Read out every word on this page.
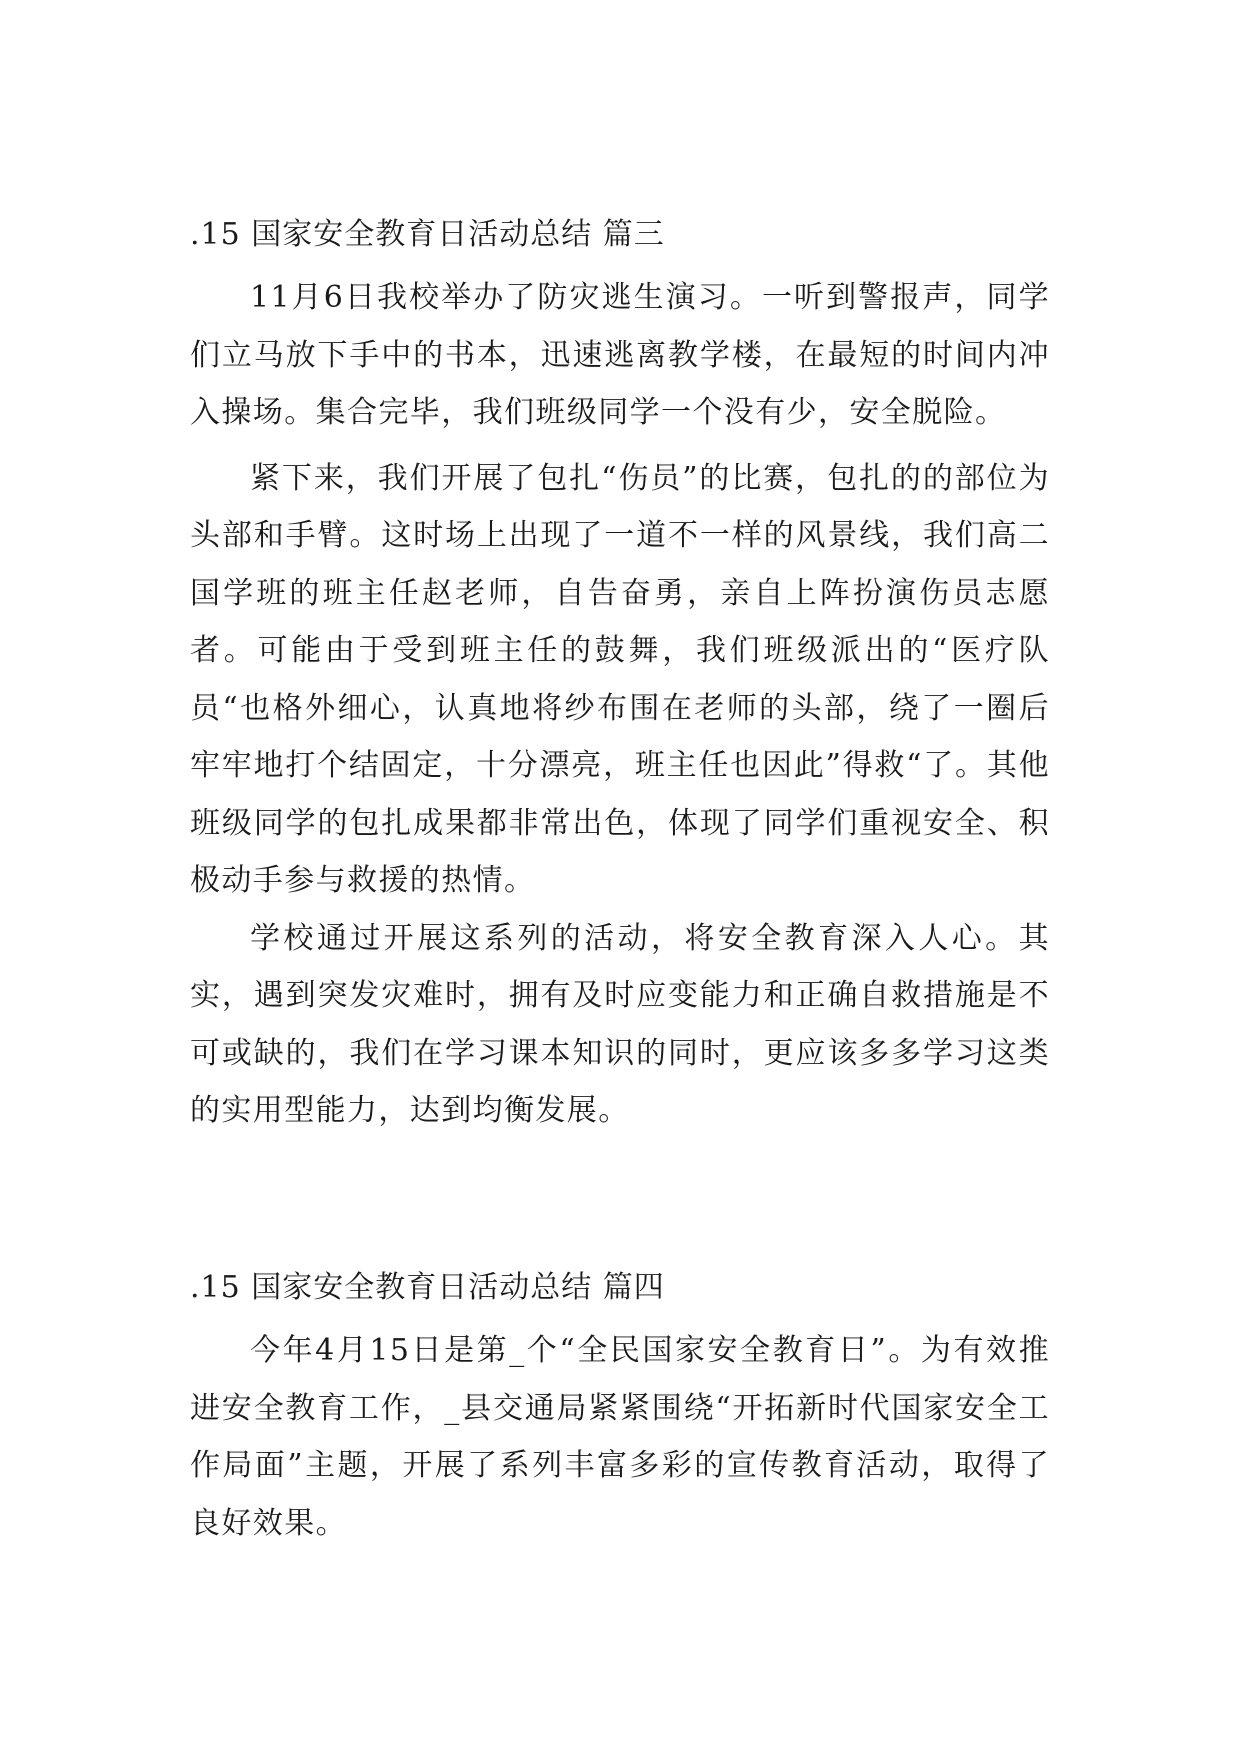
.15 国家安全教育日活动总结 篇三

11月6日我校举办了防灾逃生演习。一听到警报声，同学们立马放下手中的书本，迅速逃离教学楼，在最短的时间内冲入操场。集合完毕，我们班级同学一个没有少，安全脱险。

紧下来，我们开展了包扎“伤员”的比赛，包扎的的部位为头部和手臂。这时场上出现了一道不一样的风景线，我们高二国学班的班主任赵老师，自告奋勇，亲自上阵扮演伤员志愿者。可能由于受到班主任的鼓舞，我们班级派出的“医疗队员“也格外细心，认真地将纱布围在老师的头部，绕了一圈后牢牢地打个结固定，十分漂亮，班主任也因此”得救“了。其他班级同学的包扎成果都非常出色，体现了同学们重视安全、积极动手参与救援的热情。

学校通过开展这系列的活动，将安全教育深入人心。其实，遇到突发灾难时，拥有及时应变能力和正确自救措施是不可或缺的，我们在学习课本知识的同时，更应该多多学习这类的实用型能力，达到均衡发展。

.15 国家安全教育日活动总结 篇四

今年4月15日是第_个“全民国家安全教育日”。为有效推进安全教育工作，_县交通局紧紧围绕“开拓新时代国家安全工作局面”主题，开展了系列丰富多彩的宣传教育活动，取得了良好效果。
